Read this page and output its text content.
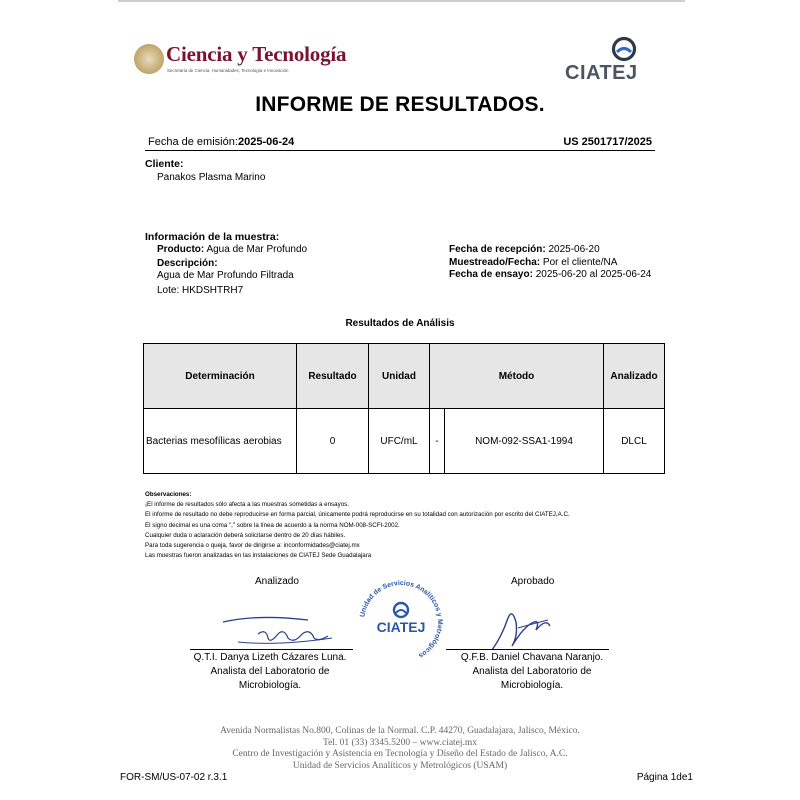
Ciencia y Tecnología
Secretaría de Ciencia, Humanidades, Tecnología e Innovación	CIATEJ
INFORME DE RESULTADOS.
Fecha de emisión: 2025-06-24	US 2501717/2025
Cliente:
Panakos Plasma Marino
Información de la muestra:
Producto: Agua de Mar Profundo
Descripción:
Agua de Mar Profundo Filtrada
Lote: HKDSHTRH7
Fecha de recepción: 2025-06-20
Muestreado/Fecha: Por el cliente/NA
Fecha de ensayo: 2025-06-20 al 2025-06-24
Resultados de Análisis
Determinación	Resultado	Unidad	Método		Analizado
Bacterias mesofílicas aerobias	0	UFC/mL	-	NOM-092-SSA1-1994	DLCL
Observaciones:
¡El informe de resultados sólo afecta a las muestras sometidas a ensayos.
El informe de resultado no debe reproducirse en forma parcial, únicamente podrá reproducirse en su totalidad con autorización por escrito del CIATEJ,A.C.
El signo decimal es una coma "," sobre la línea de acuerdo a la norma NOM-008-SCFI-2002.
Cualquier duda o aclaración deberá solicitarse dentro de 20 días hábiles.
Para toda sugerencia o queja, favor de dirigirse a: inconformidades@ciatej.mx
Las muestras fueron analizadas en las instalaciones de CIATEJ Sede Guadalajara
Analizado	Aprobado
Unidad de Servicios Analíticos y Metrológicos
CIATEJ
Q.T.I. Danya Lizeth Cázares Luna.
Analista del Laboratorio de
Microbiología.
Q.F.B. Daniel Chavana Naranjo.
Analista del Laboratorio de
Microbiología.
Avenida Normalistas No.800, Colinas de la Normal. C.P. 44270, Guadalajara, Jalisco, México.
Tel. 01 (33) 3345.5200 – www.ciatej.mx
Centro de Investigación y Asistencia en Tecnología y Diseño del Estado de Jalisco, A.C.
Unidad de Servicios Analíticos y Metrológicos (USAM)
FOR-SM/US-07-02 r.3.1	Página 1de1
